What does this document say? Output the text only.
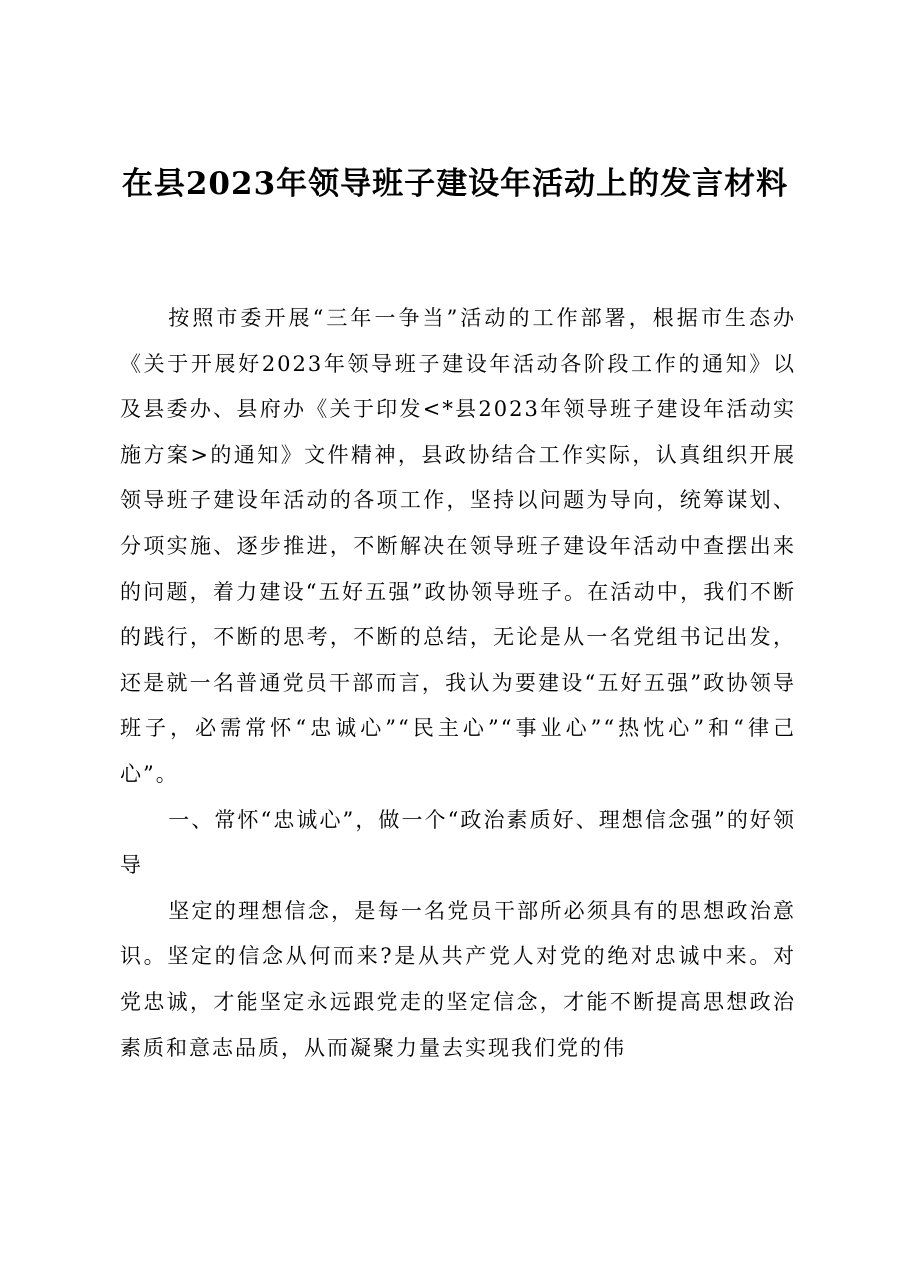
在县2023年领导班子建设年活动上的发言材料

按照市委开展“三年一争当”活动的工作部署，根据市生态办《关于开展好2023年领导班子建设年活动各阶段工作的通知》以及县委办、县府办《关于印发<*县2023年领导班子建设年活动实施方案>的通知》文件精神，县政协结合工作实际，认真组织开展领导班子建设年活动的各项工作，坚持以问题为导向，统筹谋划、分项实施、逐步推进，不断解决在领导班子建设年活动中查摆出来的问题，着力建设“五好五强”政协领导班子。在活动中，我们不断的践行，不断的思考，不断的总结，无论是从一名党组书记出发，还是就一名普通党员干部而言，我认为要建设“五好五强”政协领导班子，必需常怀“忠诚心”“民主心”“事业心”“热忱心”和“律己心”。

一、常怀“忠诚心”，做一个“政治素质好、理想信念强”的好领导

坚定的理想信念，是每一名党员干部所必须具有的思想政治意识。坚定的信念从何而来?是从共产党人对党的绝对忠诚中来。对党忠诚，才能坚定永远跟党走的坚定信念，才能不断提高思想政治素质和意志品质，从而凝聚力量去实现我们党的伟
